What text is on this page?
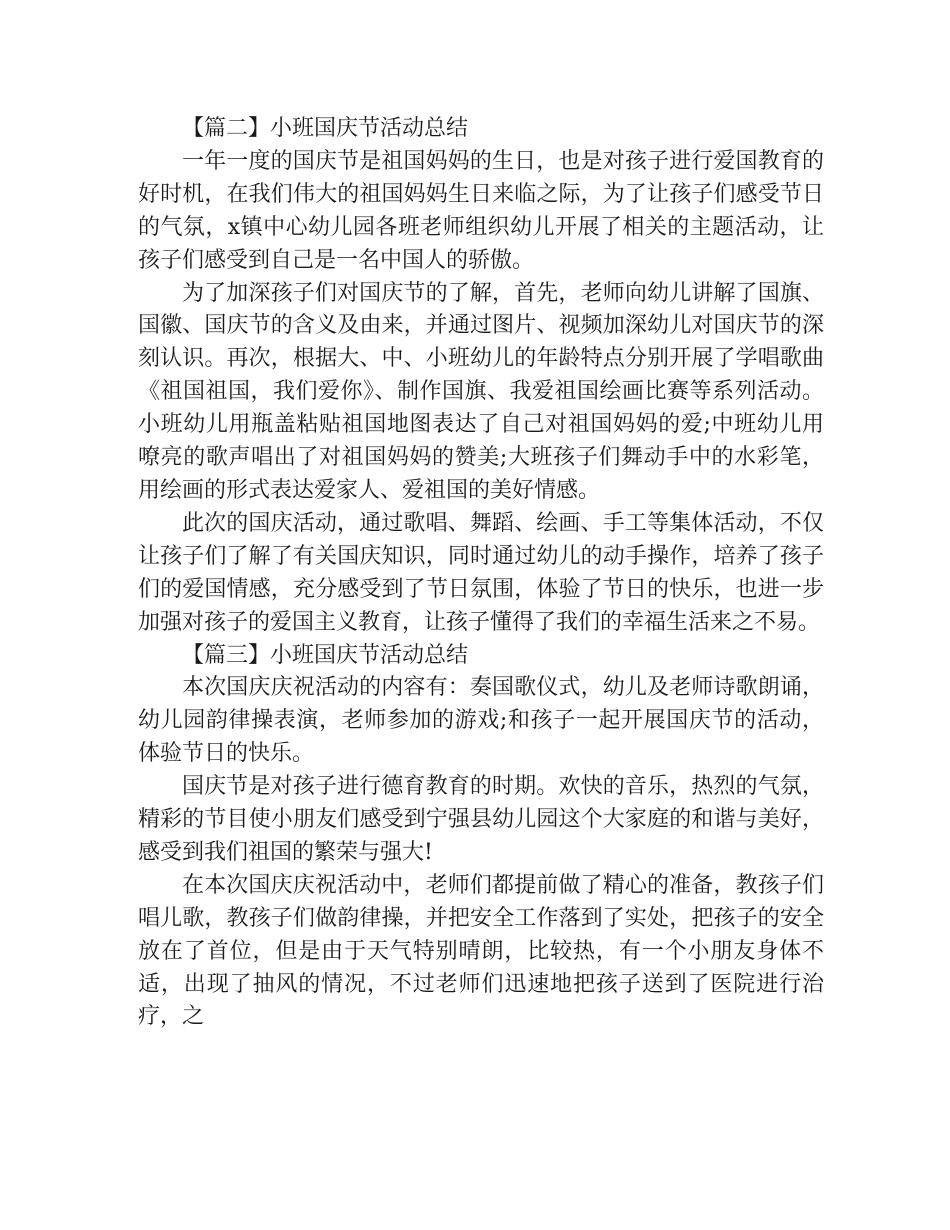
【篇二】小班国庆节活动总结

一年一度的国庆节是祖国妈妈的生日，也是对孩子进行爱国教育的好时机，在我们伟大的祖国妈妈生日来临之际，为了让孩子们感受节日的气氛，x镇中心幼儿园各班老师组织幼儿开展了相关的主题活动，让孩子们感受到自己是一名中国人的骄傲。

为了加深孩子们对国庆节的了解，首先，老师向幼儿讲解了国旗、国徽、国庆节的含义及由来，并通过图片、视频加深幼儿对国庆节的深刻认识。再次，根据大、中、小班幼儿的年龄特点分别开展了学唱歌曲《祖国祖国，我们爱你》、制作国旗、我爱祖国绘画比赛等系列活动。小班幼儿用瓶盖粘贴祖国地图表达了自己对祖国妈妈的爱;中班幼儿用嘹亮的歌声唱出了对祖国妈妈的赞美;大班孩子们舞动手中的水彩笔，用绘画的形式表达爱家人、爱祖国的美好情感。

此次的国庆活动，通过歌唱、舞蹈、绘画、手工等集体活动，不仅让孩子们了解了有关国庆知识，同时通过幼儿的动手操作，培养了孩子们的爱国情感，充分感受到了节日氛围，体验了节日的快乐，也进一步加强对孩子的爱国主义教育，让孩子懂得了我们的幸福生活来之不易。

【篇三】小班国庆节活动总结

本次国庆庆祝活动的内容有：奏国歌仪式，幼儿及老师诗歌朗诵，幼儿园韵律操表演，老师参加的游戏;和孩子一起开展国庆节的活动，体验节日的快乐。

国庆节是对孩子进行德育教育的时期。欢快的音乐，热烈的气氛，精彩的节目使小朋友们感受到宁强县幼儿园这个大家庭的和谐与美好，感受到我们祖国的繁荣与强大!

在本次国庆庆祝活动中，老师们都提前做了精心的准备，教孩子们唱儿歌，教孩子们做韵律操，并把安全工作落到了实处，把孩子的安全放在了首位，但是由于天气特别晴朗，比较热，有一个小朋友身体不适，出现了抽风的情况，不过老师们迅速地把孩子送到了医院进行治疗，之
